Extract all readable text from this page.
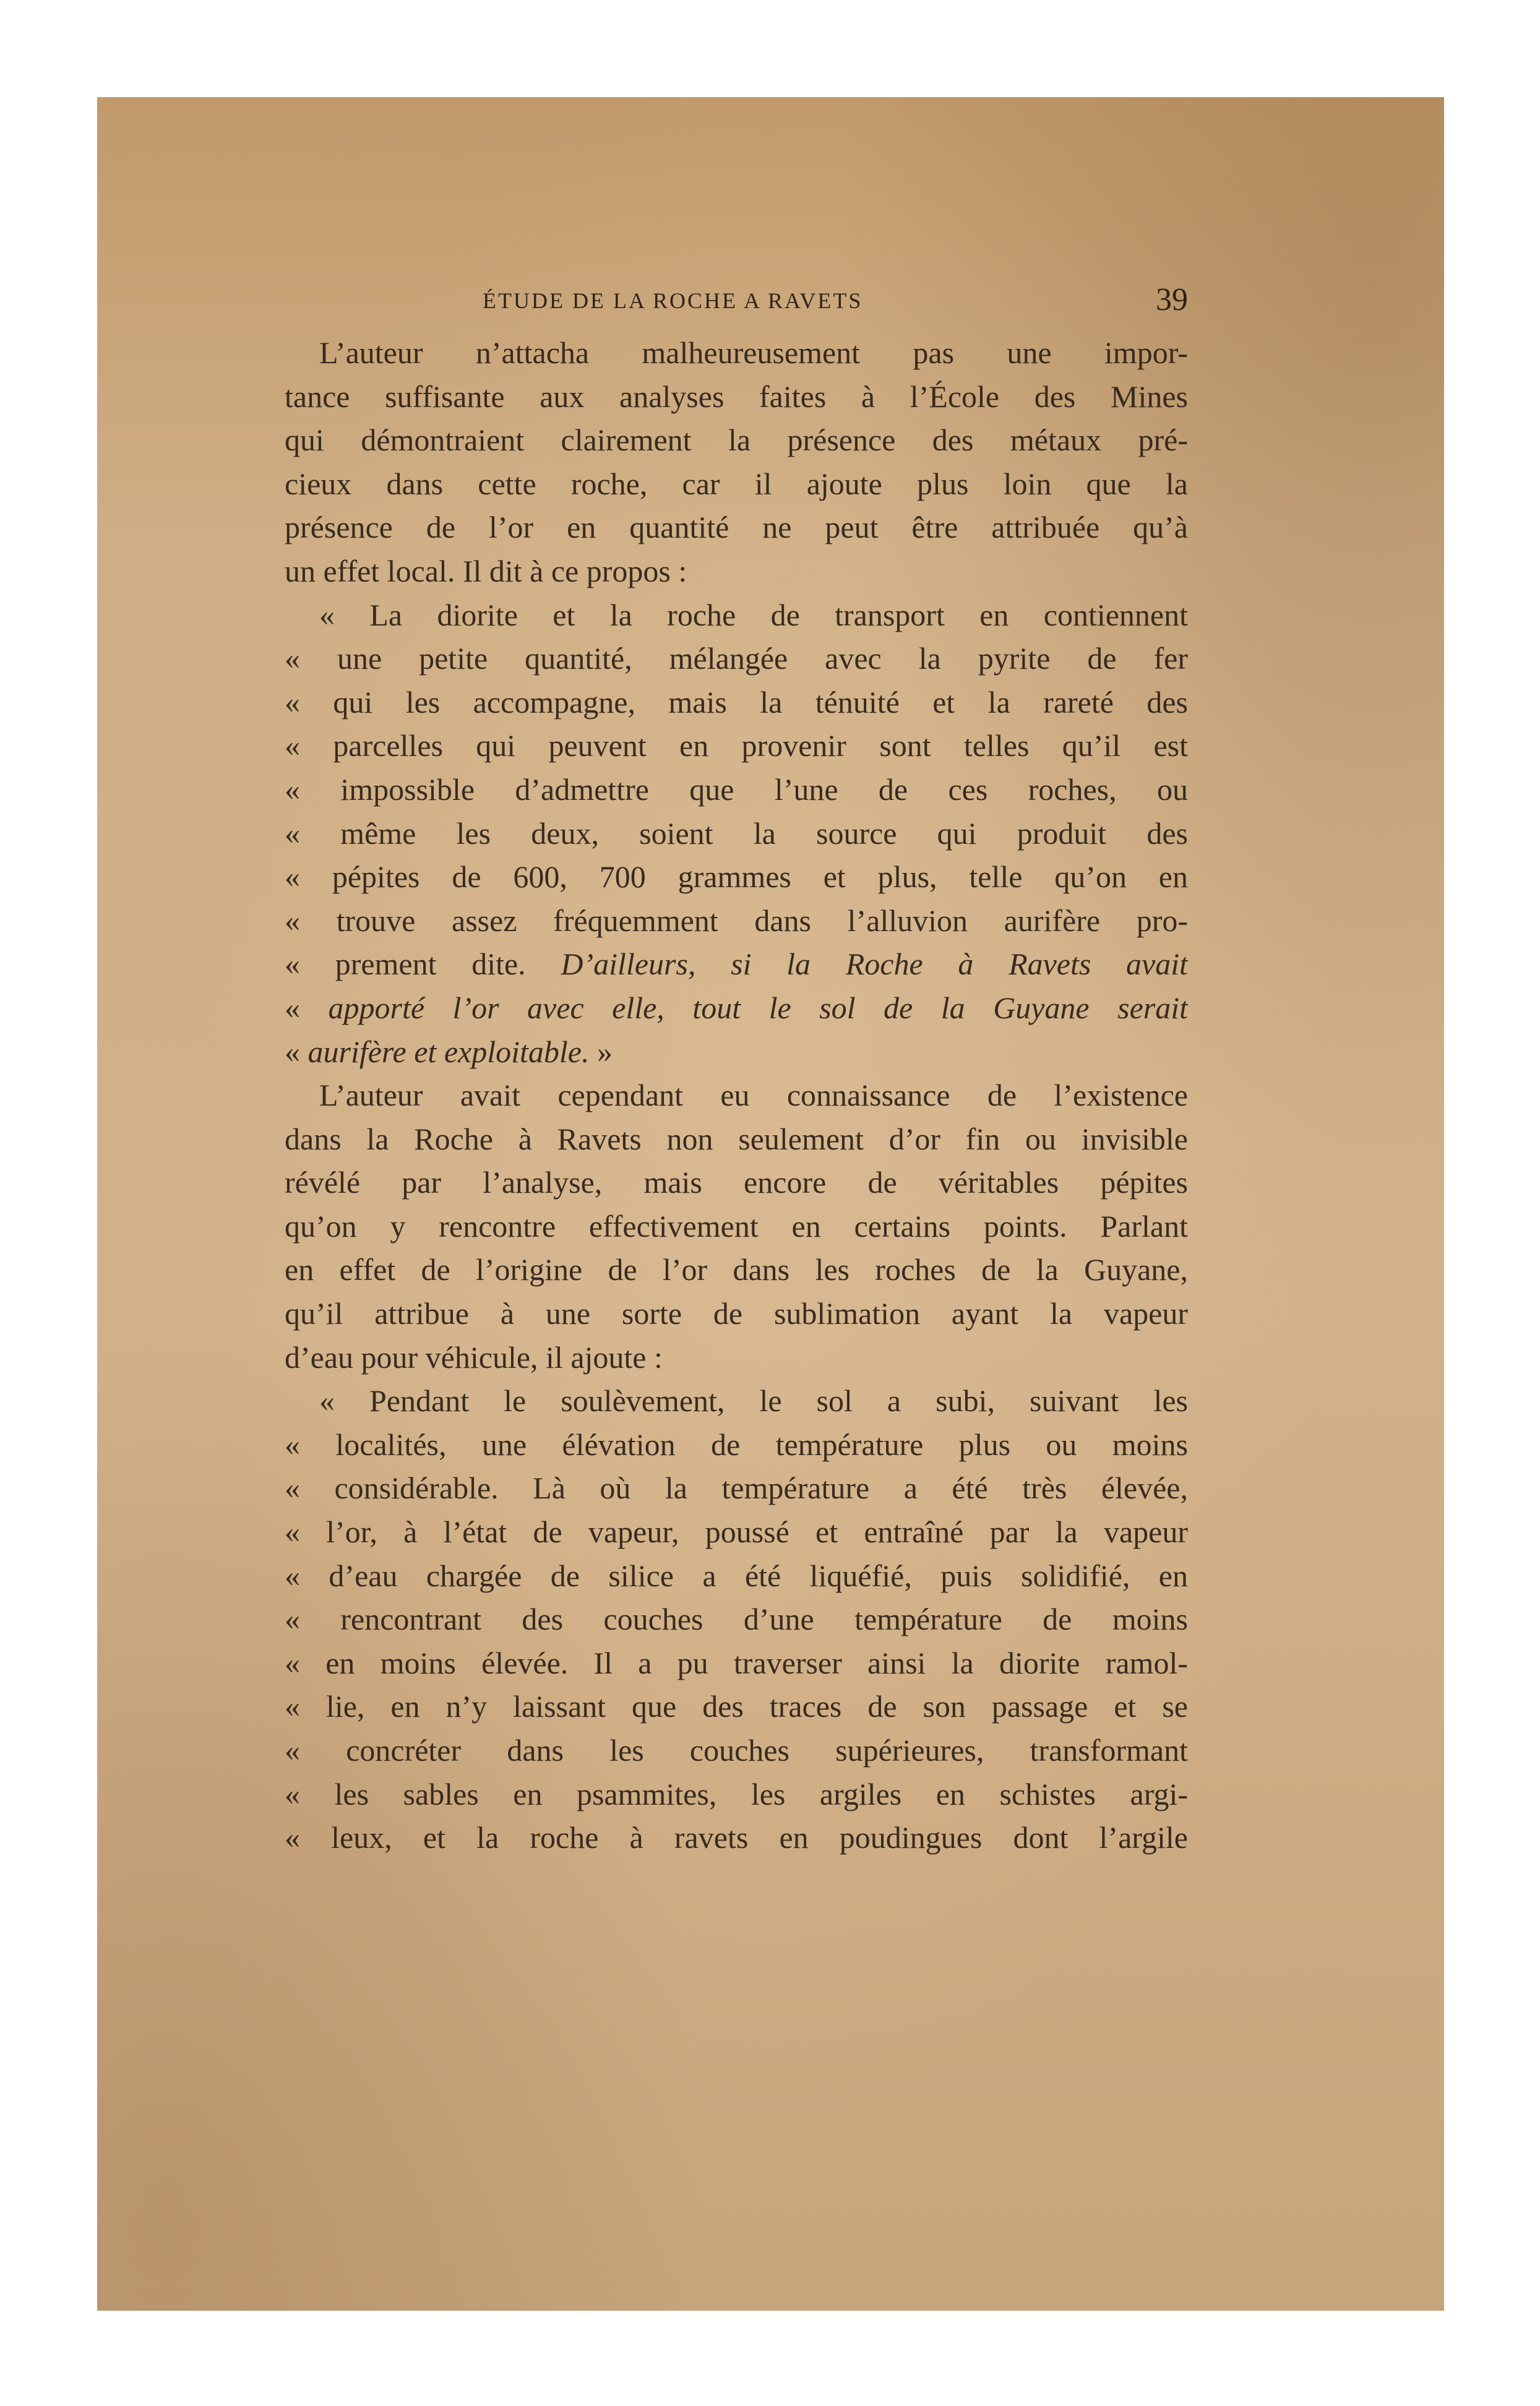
ÉTUDE DE LA ROCHE A RAVETS	39
L’auteur n’attacha malheureusement pas une impor-
tance suffisante aux analyses faites à l’École des Mines
qui démontraient clairement la présence des métaux pré-
cieux dans cette roche, car il ajoute plus loin que la
présence de l’or en quantité ne peut être attribuée qu’à
un effet local. Il dit à ce propos :
« La diorite et la roche de transport en contiennent
« une petite quantité, mélangée avec la pyrite de fer
« qui les accompagne, mais la ténuité et la rareté des
« parcelles qui peuvent en provenir sont telles qu’il est
« impossible d’admettre que l’une de ces roches, ou
« même les deux, soient la source qui produit des
« pépites de 600, 700 grammes et plus, telle qu’on en
« trouve assez fréquemment dans l’alluvion aurifère pro-
« prement dite. D’ailleurs, si la Roche à Ravets avait
« apporté l’or avec elle, tout le sol de la Guyane serait
« aurifère et exploitable. »
L’auteur avait cependant eu connaissance de l’existence
dans la Roche à Ravets non seulement d’or fin ou invisible
révélé par l’analyse, mais encore de véritables pépites
qu’on y rencontre effectivement en certains points. Parlant
en effet de l’origine de l’or dans les roches de la Guyane,
qu’il attribue à une sorte de sublimation ayant la vapeur
d’eau pour véhicule, il ajoute :
« Pendant le soulèvement, le sol a subi, suivant les
« localités, une élévation de température plus ou moins
« considérable. Là où la température a été très élevée,
« l’or, à l’état de vapeur, poussé et entraîné par la vapeur
« d’eau chargée de silice a été liquéfié, puis solidifié, en
« rencontrant des couches d’une température de moins
« en moins élevée. Il a pu traverser ainsi la diorite ramol-
« lie, en n’y laissant que des traces de son passage et se
« concréter dans les couches supérieures, transformant
« les sables en psammites, les argiles en schistes argi-
« leux, et la roche à ravets en poudingues dont l’argile
